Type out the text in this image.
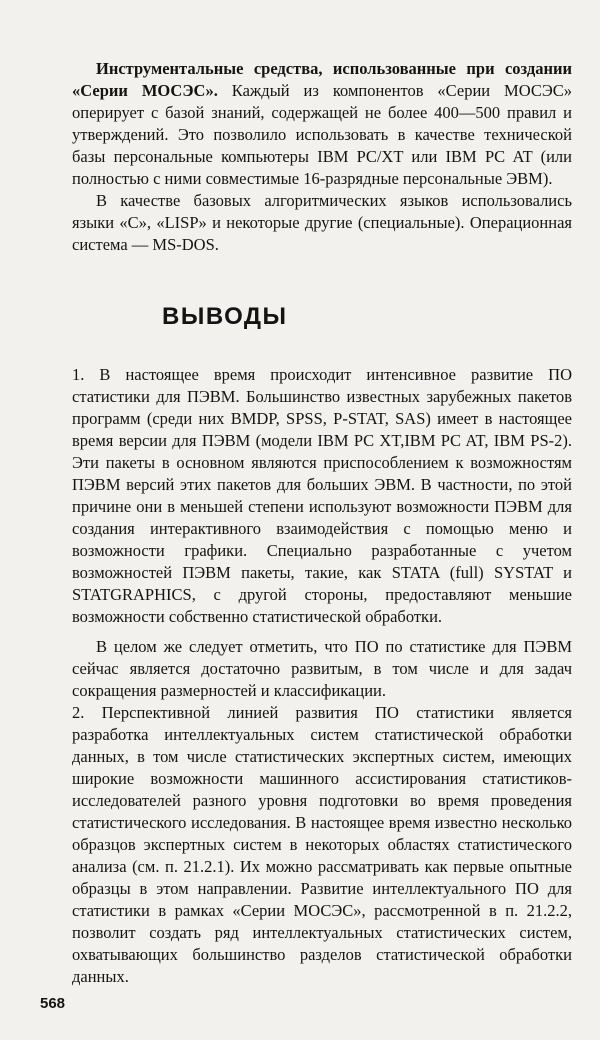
Инструментальные средства, использованные при создании «Серии МОСЭС». Каждый из компонентов «Серии МОСЭС» оперирует с базой знаний, содержащей не более 400—500 правил и утверждений. Это позволило использовать в качестве технической базы персональные компьютеры IBM PC/XT или IBM PC AT (или полностью с ними совместимые 16-разрядные персональные ЭВМ).

В качестве базовых алгоритмических языков использовались языки «С», «LISP» и некоторые другие (специальные). Операционная система — MS-DOS.

ВЫВОДЫ

1. В настоящее время происходит интенсивное развитие ПО статистики для ПЭВМ. Большинство известных зарубежных пакетов программ (среди них BMDP, SPSS, P-STAT, SAS) имеет в настоящее время версии для ПЭВМ (модели IBM PC XT,IBM PC AT, IBM PS-2). Эти пакеты в основном являются приспособлением к возможностям ПЭВМ версий этих пакетов для больших ЭВМ. В частности, по этой причине они в меньшей степени используют возможности ПЭВМ для создания интерактивного взаимодействия с помощью меню и возможности графики. Специально разработанные с учетом возможностей ПЭВМ пакеты, такие, как STATA (full) SYSTAT и STATGRAPHICS, с другой стороны, предоставляют меньшие возможности собственно статистической обработки.

В целом же следует отметить, что ПО по статистике для ПЭВМ сейчас является достаточно развитым, в том числе и для задач сокращения размерностей и классификации.

2. Перспективной линией развития ПО статистики является разработка интеллектуальных систем статистической обработки данных, в том числе статистических экспертных систем, имеющих широкие возможности машинного ассистирования статистиков-исследователей разного уровня подготовки во время проведения статистического исследования. В настоящее время известно несколько образцов экспертных систем в некоторых областях статистического анализа (см. п. 21.2.1). Их можно рассматривать как первые опытные образцы в этом направлении. Развитие интеллектуального ПО для статистики в рамках «Серии МОСЭС», рассмотренной в п. 21.2.2, позволит создать ряд интеллектуальных статистических систем, охватывающих большинство разделов статистической обработки данных.

568
